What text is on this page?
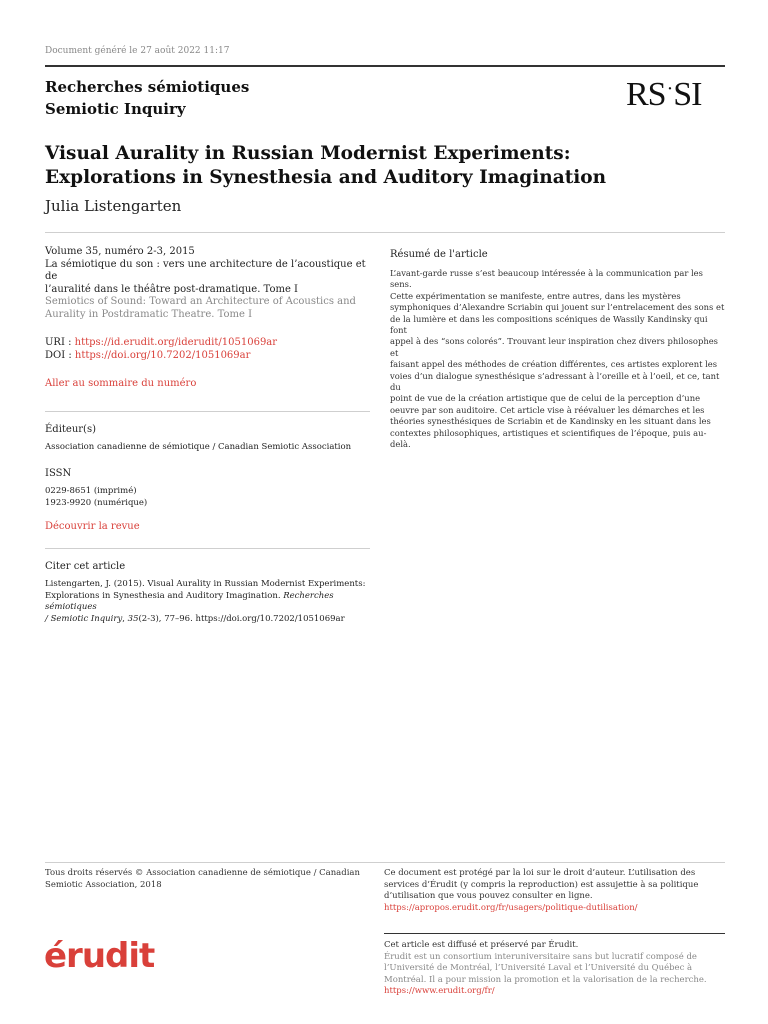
Document généré le 27 août 2022 11:17
Recherches sémiotiques
Semiotic Inquiry	RS·SI
Visual Aurality in Russian Modernist Experiments:
Explorations in Synesthesia and Auditory Imagination
Julia Listengarten

Volume 35, numéro 2-3, 2015

La sémiotique du son : vers une architecture de l’acoustique et de

l’auralité dans le théâtre post-dramatique. Tome I

Semiotics of Sound: Toward an Architecture of Acoustics and

Aurality in Postdramatic Theatre. Tome I

URI : https://id.erudit.org/iderudit/1051069ar

DOI : https://doi.org/10.7202/1051069ar

Aller au sommaire du numéro

Éditeur(s)

Association canadienne de sémiotique / Canadian Semiotic Association

ISSN

0229-8651 (imprimé)

1923-9920 (numérique)

Découvrir la revue

Citer cet article

Listengarten, J. (2015). Visual Aurality in Russian Modernist Experiments:

Explorations in Synesthesia and Auditory Imagination. Recherches sémiotiques

/ Semiotic Inquiry, 35(2-3), 77–96. https://doi.org/10.7202/1051069ar

Résumé de l'article
L’avant-garde russe s’est beaucoup intéressée à la communication par les sens.
Cette expérimentation se manifeste, entre autres, dans les mystères
symphoniques d’Alexandre Scriabin qui jouent sur l’entrelacement des sons et
de la lumière et dans les compositions scéniques de Wassily Kandinsky qui font
appel à des “sons colorés”. Trouvant leur inspiration chez divers philosophes et
faisant appel des méthodes de création différentes, ces artistes explorent les
voies d’un dialogue synesthésique s’adressant à l’oreille et à l’oeil, et ce, tant du
point de vue de la création artistique que de celui de la perception d’une
oeuvre par son auditoire. Cet article vise à réévaluer les démarches et les
théories synesthésiques de Scriabin et de Kandinsky en les situant dans les
contextes philosophiques, artistiques et scientifiques de l’époque, puis au-delà.

Tous droits réservés © Association canadienne de sémiotique / Canadian

Semiotic Association, 2018

Ce document est protégé par la loi sur le droit d’auteur. L’utilisation des

services d’Érudit (y compris la reproduction) est assujettie à sa politique

d’utilisation que vous pouvez consulter en ligne.

https://apropos.erudit.org/fr/usagers/politique-dutilisation/

érudit	Cet article est diffusé et préservé par Érudit.

Érudit est un consortium interuniversitaire sans but lucratif composé de

l’Université de Montréal, l’Université Laval et l’Université du Québec à

Montréal. Il a pour mission la promotion et la valorisation de la recherche.

https://www.erudit.org/fr/
